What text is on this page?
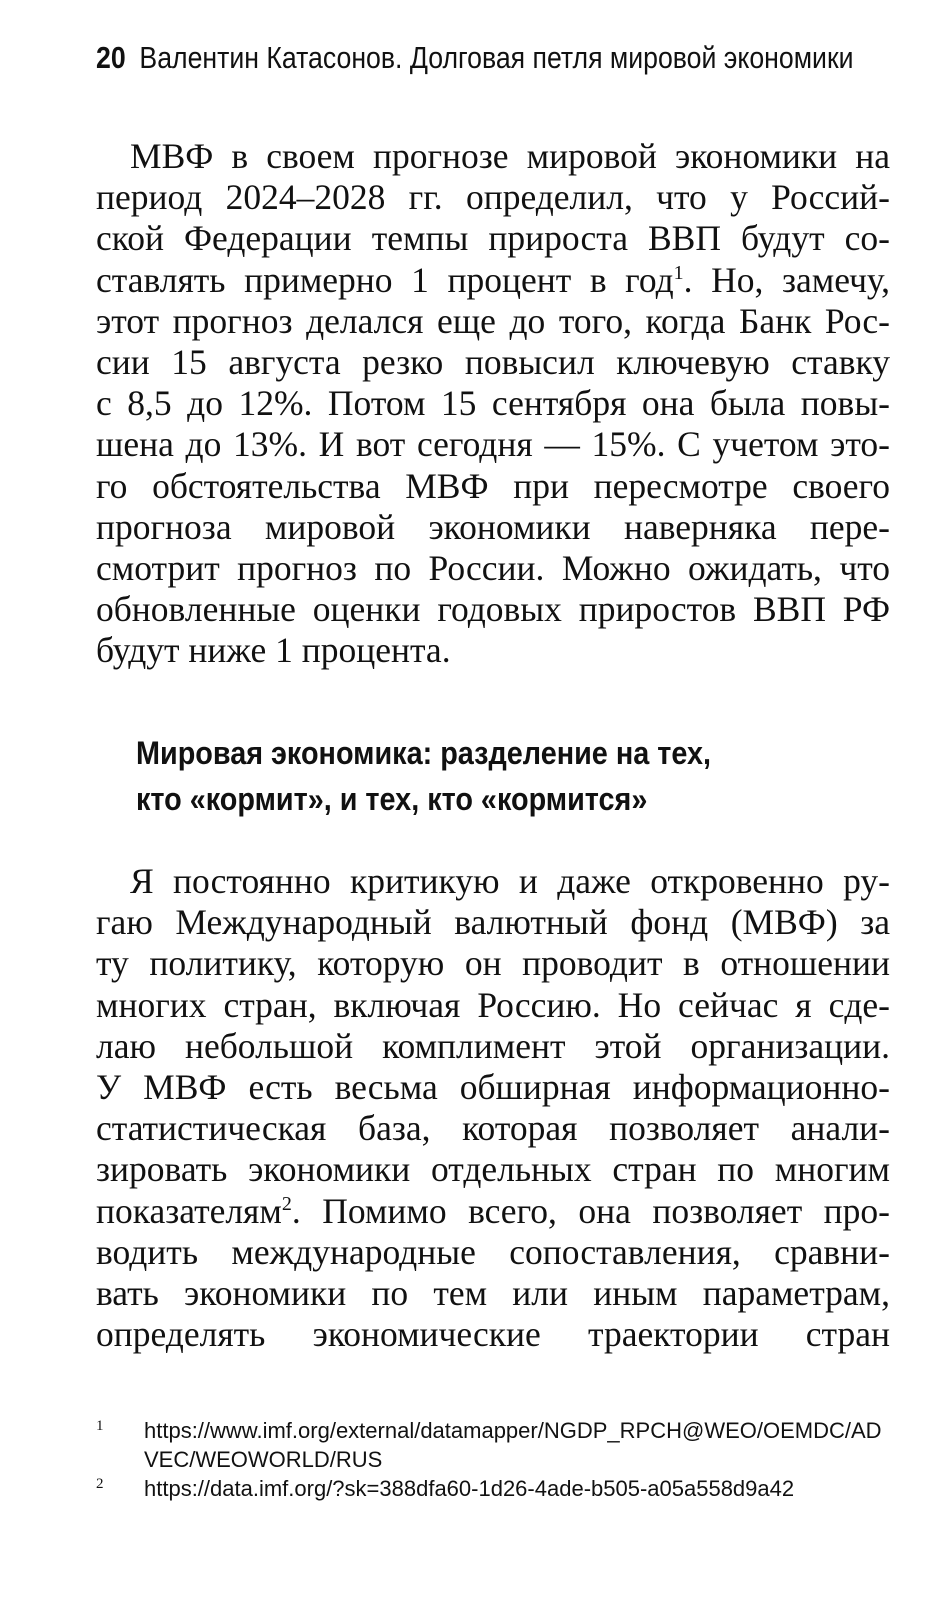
20 Валентин Катасонов. Долговая петля мировой экономики
МВФ в своем прогнозе мировой экономики на
период 2024–2028 гг. определил, что у Россий-
ской Федерации темпы прироста ВВП будут со-
ставлять примерно 1 процент в год$^1$. Но, замечу,
этот прогноз делался еще до того, когда Банк Рос-
сии 15 августа резко повысил ключевую ставку
с 8,5 до 12%. Потом 15 сентября она была повы-
шена до 13%. И вот сегодня — 15%. С учетом это-
го обстоятельства МВФ при пересмотре своего
прогноза мировой экономики наверняка пере-
смотрит прогноз по России. Можно ожидать, что
обновленные оценки годовых приростов ВВП РФ
будут ниже 1 процента.
Мировая экономика: разделение на тех,
кто «кормит», и тех, кто «кормится»
Я постоянно критикую и даже откровенно ру-
гаю Международный валютный фонд (МВФ) за
ту политику, которую он проводит в отношении
многих стран, включая Россию. Но сейчас я сде-
лаю небольшой комплимент этой организации.
У МВФ есть весьма обширная информационно-
статистическая база, которая позволяет анали-
зировать экономики отдельных стран по многим
показателям$^2$. Помимо всего, она позволяет про-
водить международные сопоставления, сравни-
вать экономики по тем или иным параметрам,
определять экономические траектории стран
1 https://www.imf.org/external/datamapper/NGDP_RPCH@WEO/OEMDC/ADVEC/WEOWORLD/RUS
2 https://data.imf.org/?sk=388dfa60-1d26-4ade-b505-a05a558d9a42
